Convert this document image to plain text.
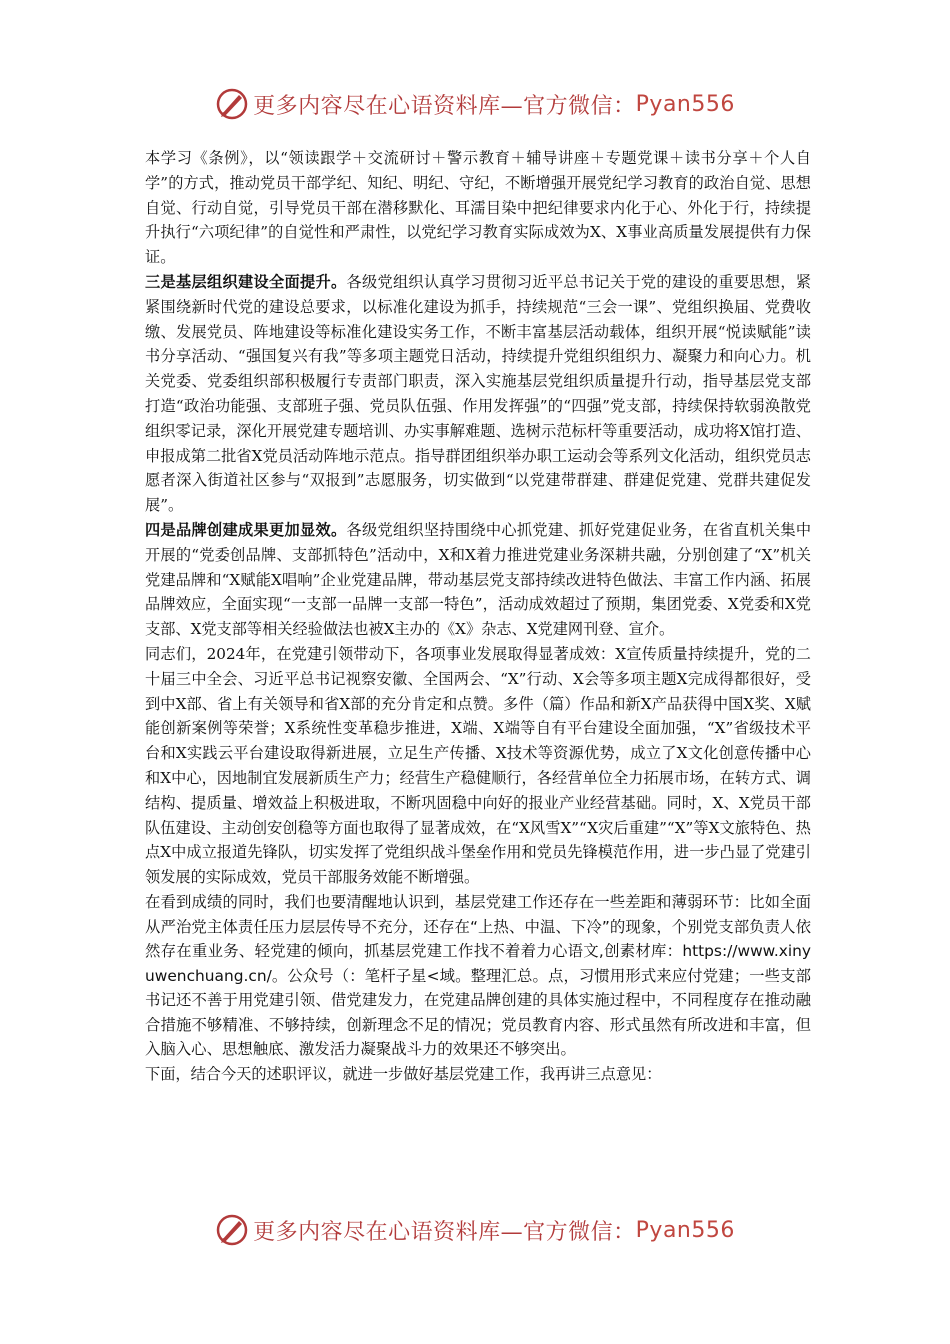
更多内容尽在心语资料库—官方微信： Pyan556

本学习《条例》，以“领读跟学＋交流研讨＋警示教育＋辅导讲座＋专题党课＋读书分享＋个人自学”的方式，推动党员干部学纪、知纪、明纪、守纪，不断增强开展党纪学习教育的政治自觉、思想自觉、行动自觉，引导党员干部在潜移默化、耳濡目染中把纪律要求内化于心、外化于行，持续提升执行“六项纪律”的自觉性和严肃性，以党纪学习教育实际成效为X、X事业高质量发展提供有力保证。

三是基层组织建设全面提升。各级党组织认真学习贯彻习近平总书记关于党的建设的重要思想，紧紧围绕新时代党的建设总要求，以标准化建设为抓手，持续规范“三会一课”、党组织换届、党费收缴、发展党员、阵地建设等标准化建设实务工作，不断丰富基层活动载体，组织开展“悦读赋能”读书分享活动、“强国复兴有我”等多项主题党日活动，持续提升党组织组织力、凝聚力和向心力。机关党委、党委组织部积极履行专责部门职责，深入实施基层党组织质量提升行动，指导基层党支部打造“政治功能强、支部班子强、党员队伍强、作用发挥强”的“四强”党支部，持续保持软弱涣散党组织零记录，深化开展党建专题培训、办实事解难题、选树示范标杆等重要活动，成功将X馆打造、申报成第二批省X党员活动阵地示范点。指导群团组织举办职工运动会等系列文化活动，组织党员志愿者深入街道社区参与“双报到”志愿服务，切实做到“以党建带群建、群建促党建、党群共建促发展”。

四是品牌创建成果更加显效。各级党组织坚持围绕中心抓党建、抓好党建促业务，在省直机关集中开展的“党委创品牌、支部抓特色”活动中，X和X着力推进党建业务深耕共融，分别创建了“X”机关党建品牌和“X赋能X唱响”企业党建品牌，带动基层党支部持续改进特色做法、丰富工作内涵、拓展品牌效应，全面实现“一支部一品牌一支部一特色”，活动成效超过了预期，集团党委、X党委和X党支部、X党支部等相关经验做法也被X主办的《X》杂志、X党建网刊登、宣介。

同志们，2024年，在党建引领带动下，各项事业发展取得显著成效：X宣传质量持续提升，党的二十届三中全会、习近平总书记视察安徽、全国两会、“X”行动、X会等多项主题X完成得都很好，受到中X部、省上有关领导和省X部的充分肯定和点赞。多件（篇）作品和新X产品获得中国X奖、X赋能创新案例等荣誉；X系统性变革稳步推进，X端、X端等自有平台建设全面加强，“X”省级技术平台和X实践云平台建设取得新进展，立足生产传播、X技术等资源优势，成立了X文化创意传播中心和X中心，因地制宜发展新质生产力；经营生产稳健顺行，各经营单位全力拓展市场，在转方式、调结构、提质量、增效益上积极进取，不断巩固稳中向好的报业产业经营基础。同时，X、X党员干部队伍建设、主动创安创稳等方面也取得了显著成效，在“X风雪X”“X灾后重建”“X”等X文旅特色、热点X中成立报道先锋队，切实发挥了党组织战斗堡垒作用和党员先锋模范作用，进一步凸显了党建引领发展的实际成效，党员干部服务效能不断增强。

在看到成绩的同时，我们也要清醒地认识到，基层党建工作还存在一些差距和薄弱环节：比如全面从严治党主体责任压力层层传导不充分，还存在“上热、中温、下冷”的现象，个别党支部负责人依然存在重业务、轻党建的倾向，抓基层党建工作找不着着力心语文,创素材库：https://www.xinyuwenchuang.cn/。公众号（：笔杆子星<域。整理汇总。点，习惯用形式来应付党建；一些支部书记还不善于用党建引领、借党建发力，在党建品牌创建的具体实施过程中，不同程度存在推动融合措施不够精准、不够持续，创新理念不足的情况；党员教育内容、形式虽然有所改进和丰富，但入脑入心、思想触底、激发活力凝聚战斗力的效果还不够突出。

下面，结合今天的述职评议，就进一步做好基层党建工作，我再讲三点意见：

更多内容尽在心语资料库—官方微信： Pyan556
